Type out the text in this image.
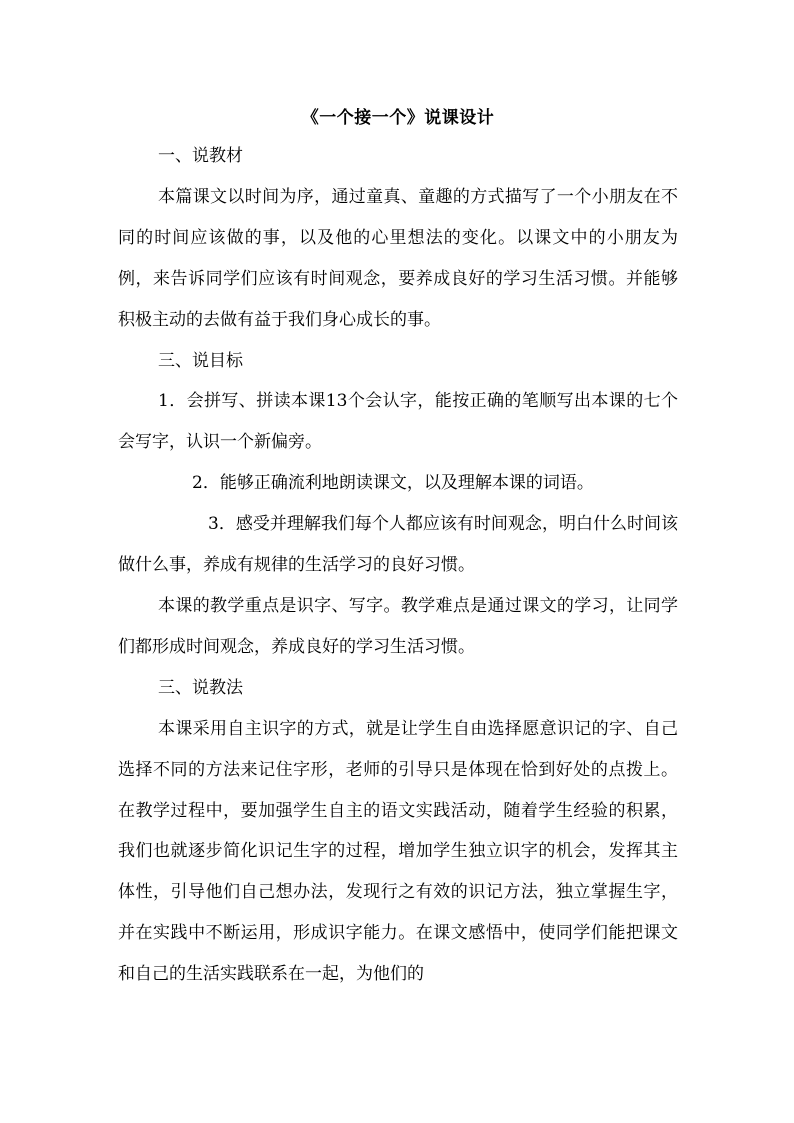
《一个接一个》说课设计

一、说教材

本篇课文以时间为序，通过童真、童趣的方式描写了一个小朋友在不同的时间应该做的事，以及他的心里想法的变化。以课文中的小朋友为例，来告诉同学们应该有时间观念，要养成良好的学习生活习惯。并能够积极主动的去做有益于我们身心成长的事。

三、说目标

1．会拼写、拼读本课13个会认字，能按正确的笔顺写出本课的七个会写字，认识一个新偏旁。

2．能够正确流利地朗读课文，以及理解本课的词语。

3．感受并理解我们每个人都应该有时间观念，明白什么时间该做什么事，养成有规律的生活学习的良好习惯。

本课的教学重点是识字、写字。教学难点是通过课文的学习，让同学们都形成时间观念，养成良好的学习生活习惯。

三、说教法

本课采用自主识字的方式，就是让学生自由选择愿意识记的字、自己选择不同的方法来记住字形，老师的引导只是体现在恰到好处的点拨上。在教学过程中，要加强学生自主的语文实践活动，随着学生经验的积累，我们也就逐步简化识记生字的过程，增加学生独立识字的机会，发挥其主体性，引导他们自己想办法，发现行之有效的识记方法，独立掌握生字，并在实践中不断运用，形成识字能力。在课文感悟中，使同学们能把课文和自己的生活实践联系在一起，为他们的
